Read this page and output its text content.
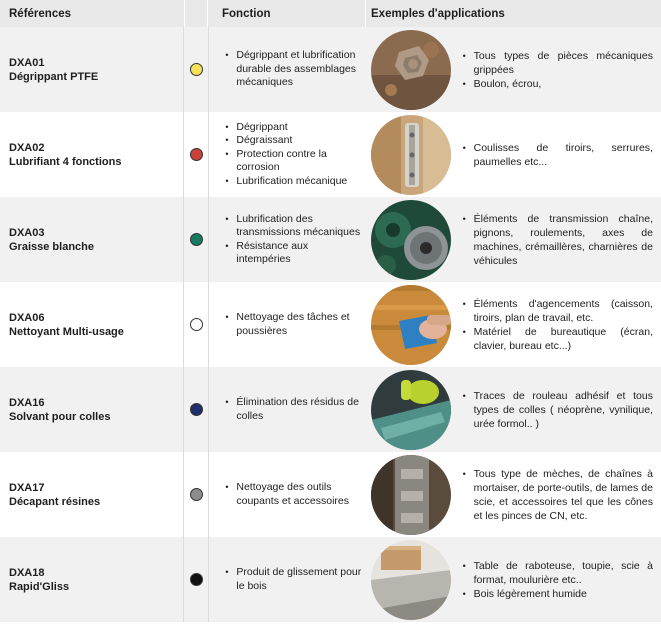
Références	Fonction	Exemples d'applications
DXA01
Dégrippant PTFE
• Dégrippant et lubrification durable des assemblages mécaniques
• Tous types de pièces mécaniques grippées
• Boulon, écrou,
DXA02
Lubrifiant 4 fonctions
• Dégrippant
• Dégraissant
• Protection contre la corrosion
• Lubrification mécanique
• Coulisses de tiroirs, serrures, paumelles etc...
DXA03
Graisse blanche
• Lubrification des transmissions mécaniques
• Résistance aux intempéries
• Éléments de transmission chaîne, pignons, roulements, axes de machines, crémaillères, charnières de véhicules
DXA06
Nettoyant Multi-usage
• Nettoyage des tâches et poussières
• Éléments d'agencements (caisson, tiroirs, plan de travail, etc.
• Matériel de bureautique (écran, clavier, bureau etc...)
DXA16
Solvant pour colles
• Élimination des résidus de colles
• Traces de rouleau adhésif et tous types de colles ( néoprène, vynilique, urée formol.. )
DXA17
Décapant résines
• Nettoyage des outils coupants et accessoires
• Tous type de mèches, de chaînes à mortaiser, de porte-outils, de lames de scie, et accessoires tel que les cônes et les pinces de CN, etc.
DXA18
Rapid'Gliss
• Produit de glissement pour le bois
• Table de raboteuse, toupie, scie à format, moulurière etc..
• Bois légèrement humide
